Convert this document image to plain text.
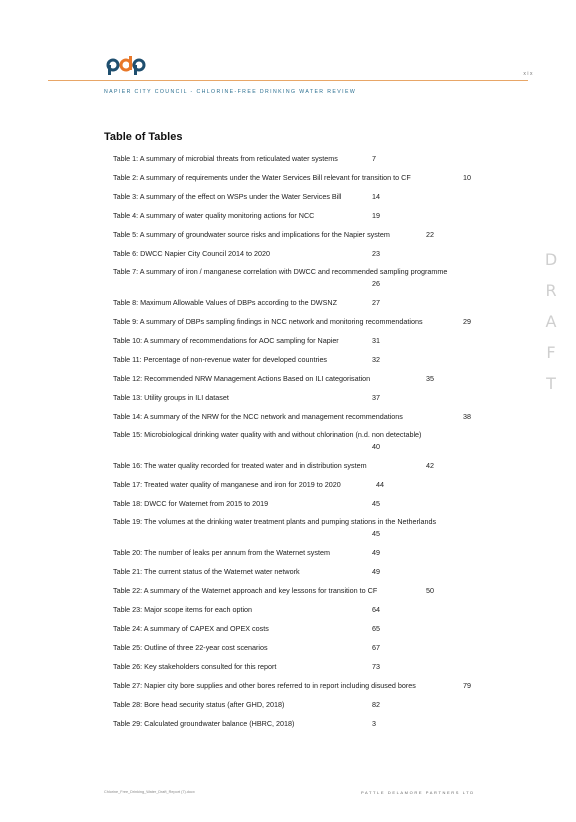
xix
NAPIER CITY COUNCIL - CHLORINE-FREE DRINKING WATER REVIEW
Table of Tables
Table 1: A summary of microbial threats from reticulated water systems	7
Table 2: A summary of requirements under the Water Services Bill relevant for transition to CF	10
Table 3: A summary of the effect on WSPs under the Water Services Bill	14
Table 4: A summary of water quality monitoring actions for NCC	19
Table 5: A summary of groundwater source risks and implications for the Napier system	22
Table 6: DWCC Napier City Council 2014 to 2020	23
Table 7: A summary of iron / manganese correlation with DWCC and recommended sampling programme
26
Table 8: Maximum Allowable Values of DBPs according to the DWSNZ	27
Table 9: A summary of DBPs sampling findings in NCC network and monitoring recommendations	29
Table 10: A summary of recommendations for AOC sampling for Napier	31
Table 11: Percentage of non-revenue water for developed countries	32
Table 12: Recommended NRW Management Actions Based on ILI categorisation	35
Table 13: Utility groups in ILI dataset	37
Table 14: A summary of the NRW for the NCC network and management recommendations	38
Table 15: Microbiological drinking water quality with and without chlorination (n.d. non detectable)
40
Table 16: The water quality recorded for treated water and in distribution system	42
Table 17: Treated water quality of manganese and iron for 2019 to 2020	44
Table 18: DWCC for Waternet from 2015 to 2019	45
Table 19: The volumes at the drinking water treatment plants and pumping stations in the Netherlands
45
Table 20: The number of leaks per annum from the Waternet system	49
Table 21: The current status of the Waternet water network	49
Table 22: A summary of the Waternet approach and key lessons for transition to CF	50
Table 23: Major scope items for each option	64
Table 24: A summary of CAPEX and OPEX costs	65
Table 25: Outline of three 22-year cost scenarios	67
Table 26: Key stakeholders consulted for this report	73
Table 27: Napier city bore supplies and other bores referred to in report including disused bores	79
Table 28: Bore head security status (after GHD, 2018)	82
Table 29: Calculated groundwater balance (HBRC, 2018)	3
D
R
A
F
T
Chlorine_Free_Drinking_Water_Draft_Report (7).docx	PATTLE DELAMORE PARTNERS LTD
